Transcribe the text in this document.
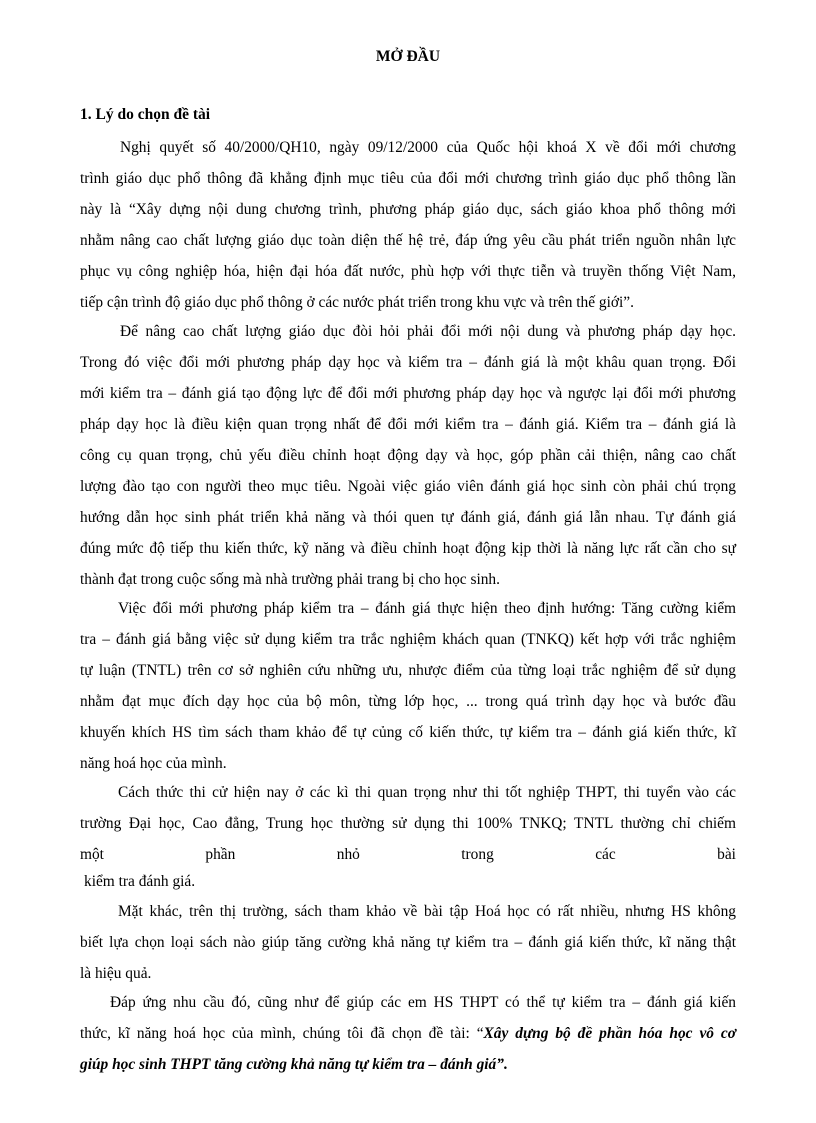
MỞ ĐẦU
1. Lý do chọn đề tài
Nghị quyết số 40/2000/QH10, ngày 09/12/2000 của Quốc hội khoá X về đổi mới chương
trình giáo dục phổ thông đã khẳng định mục tiêu của đổi mới chương trình giáo dục phổ thông lần
này là “Xây dựng nội dung chương trình, phương pháp giáo dục, sách giáo khoa phổ thông mới
nhằm nâng cao chất lượng giáo dục toàn diện thế hệ trẻ, đáp ứng yêu cầu phát triển nguồn nhân lực
phục vụ công nghiệp hóa, hiện đại hóa đất nước, phù hợp với thực tiễn và truyền thống Việt Nam,
tiếp cận trình độ giáo dục phổ thông ở các nước phát triển trong khu vực và trên thế giới”.
Để nâng cao chất lượng giáo dục đòi hỏi phải đổi mới nội dung và phương pháp dạy học.
Trong đó việc đổi mới phương pháp dạy học và kiểm tra – đánh giá là một khâu quan trọng. Đổi
mới kiểm tra – đánh giá tạo động lực để đổi mới phương pháp dạy học và ngược lại đổi mới phương
pháp dạy học là điều kiện quan trọng nhất để đổi mới kiểm tra – đánh giá. Kiểm tra – đánh giá là
công cụ quan trọng, chủ yếu điều chỉnh hoạt động dạy và học, góp phần cải thiện, nâng cao chất
lượng đào tạo con người theo mục tiêu. Ngoài việc giáo viên đánh giá học sinh còn phải chú trọng
hướng dẫn học sinh phát triển khả năng và thói quen tự đánh giá, đánh giá lẫn nhau. Tự đánh giá
đúng mức độ tiếp thu kiến thức, kỹ năng và điều chỉnh hoạt động kịp thời là năng lực rất cần cho sự
thành đạt trong cuộc sống mà nhà trường phải trang bị cho học sinh.
Việc đổi mới phương pháp kiểm tra – đánh giá thực hiện theo định hướng: Tăng cường kiểm
tra – đánh giá bằng việc sử dụng kiểm tra trắc nghiệm khách quan (TNKQ) kết hợp với trắc nghiệm
tự luận (TNTL) trên cơ sở nghiên cứu những ưu, nhược điểm của từng loại trắc nghiệm để sử dụng
nhằm đạt mục đích dạy học của bộ môn, từng lớp học, ... trong quá trình dạy học và bước đầu
khuyến khích HS tìm sách tham khảo để tự củng cố kiến thức, tự kiểm tra – đánh giá kiến thức, kĩ
năng hoá học của mình.
Cách thức thi cử hiện nay ở các kì thi quan trọng như thi tốt nghiệp THPT, thi tuyển vào các
trường Đại học, Cao đẳng, Trung học thường sử dụng thi 100% TNKQ; TNTL thường chỉ chiếm
một	phần	nhỏ	trong	các	bài
kiểm tra đánh giá.
Mặt khác, trên thị trường, sách tham khảo về bài tập Hoá học có rất nhiều, nhưng HS không
biết lựa chọn loại sách nào giúp tăng cường khả năng tự kiểm tra – đánh giá kiến thức, kĩ năng thật
là hiệu quả.
Đáp ứng nhu cầu đó, cũng như để giúp các em HS THPT có thể tự kiểm tra – đánh giá kiến
thức, kĩ năng hoá học của mình, chúng tôi đã chọn đề tài: “Xây dựng bộ đề phần hóa học vô cơ
giúp học sinh THPT tăng cường khả năng tự kiểm tra – đánh giá”.
